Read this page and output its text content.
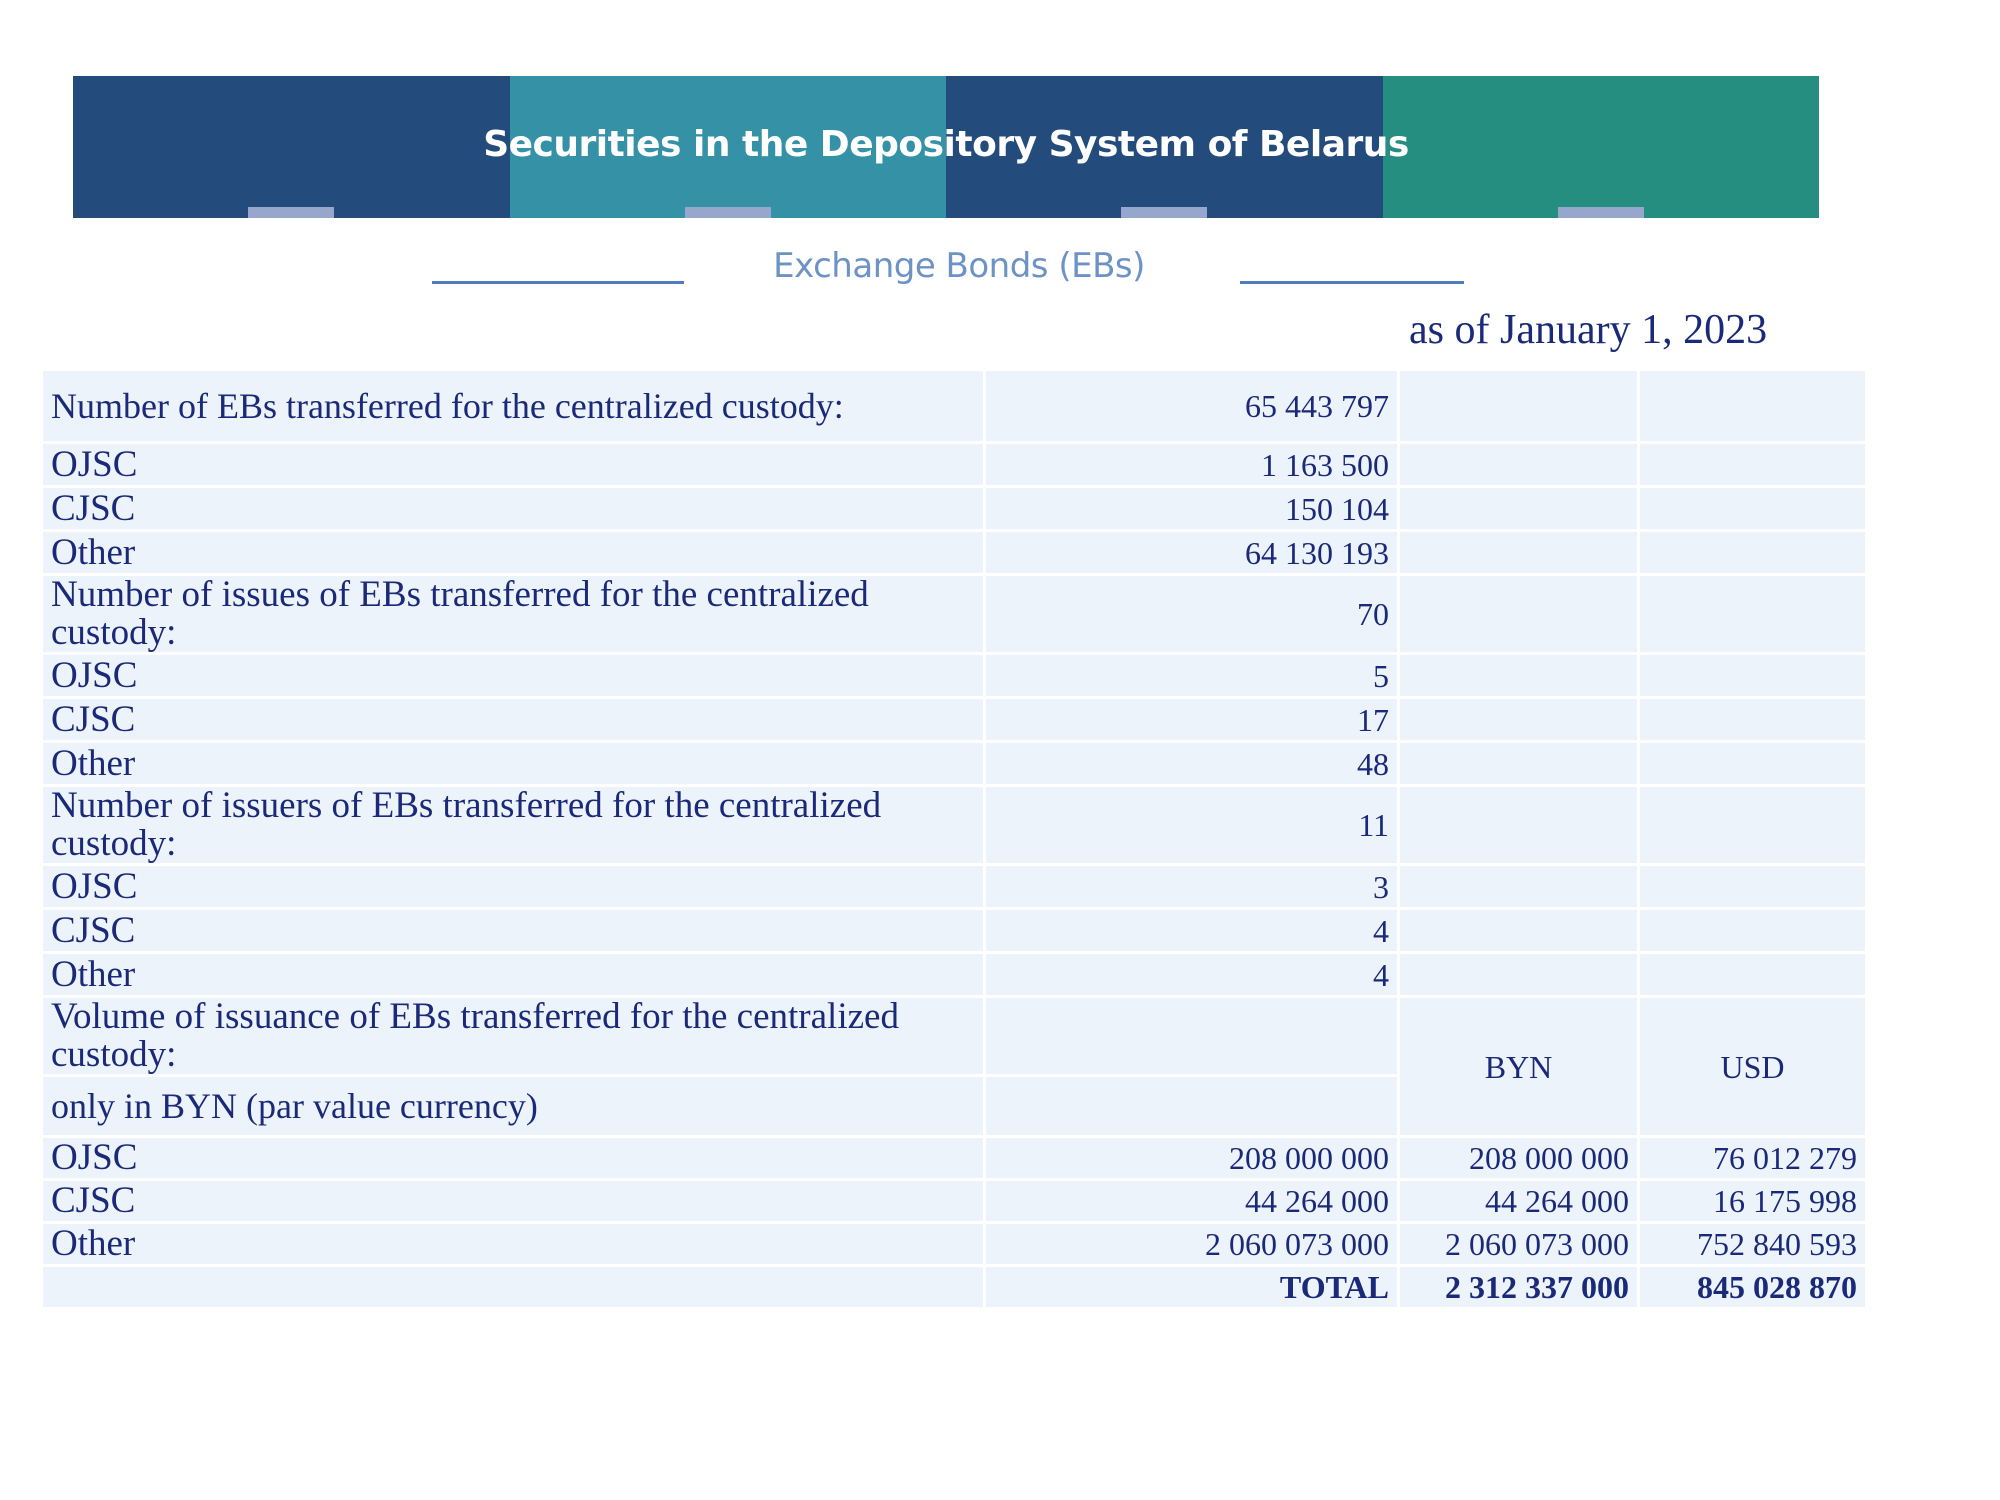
Securities in the Depository System of Belarus
Exchange Bonds (EBs)
as of January 1, 2023
Number of EBs transferred for the centralized custody:	65 443 797		
OJSC	1 163 500		
CJSC	150 104		
Other	64 130 193		
Number of issues of EBs transferred for the centralized custody:	70		
OJSC	5		
CJSC	17		
Other	48		
Number of issuers of EBs transferred for the centralized custody:	11		
OJSC	3		
CJSC	4		
Other	4		
Volume of issuance of EBs transferred for the centralized custody:		BYN	USD
only in BYN (par value currency)			
OJSC	208 000 000	208 000 000	76 012 279
CJSC	44 264 000	44 264 000	16 175 998
Other	2 060 073 000	2 060 073 000	752 840 593
	TOTAL	2 312 337 000	845 028 870
